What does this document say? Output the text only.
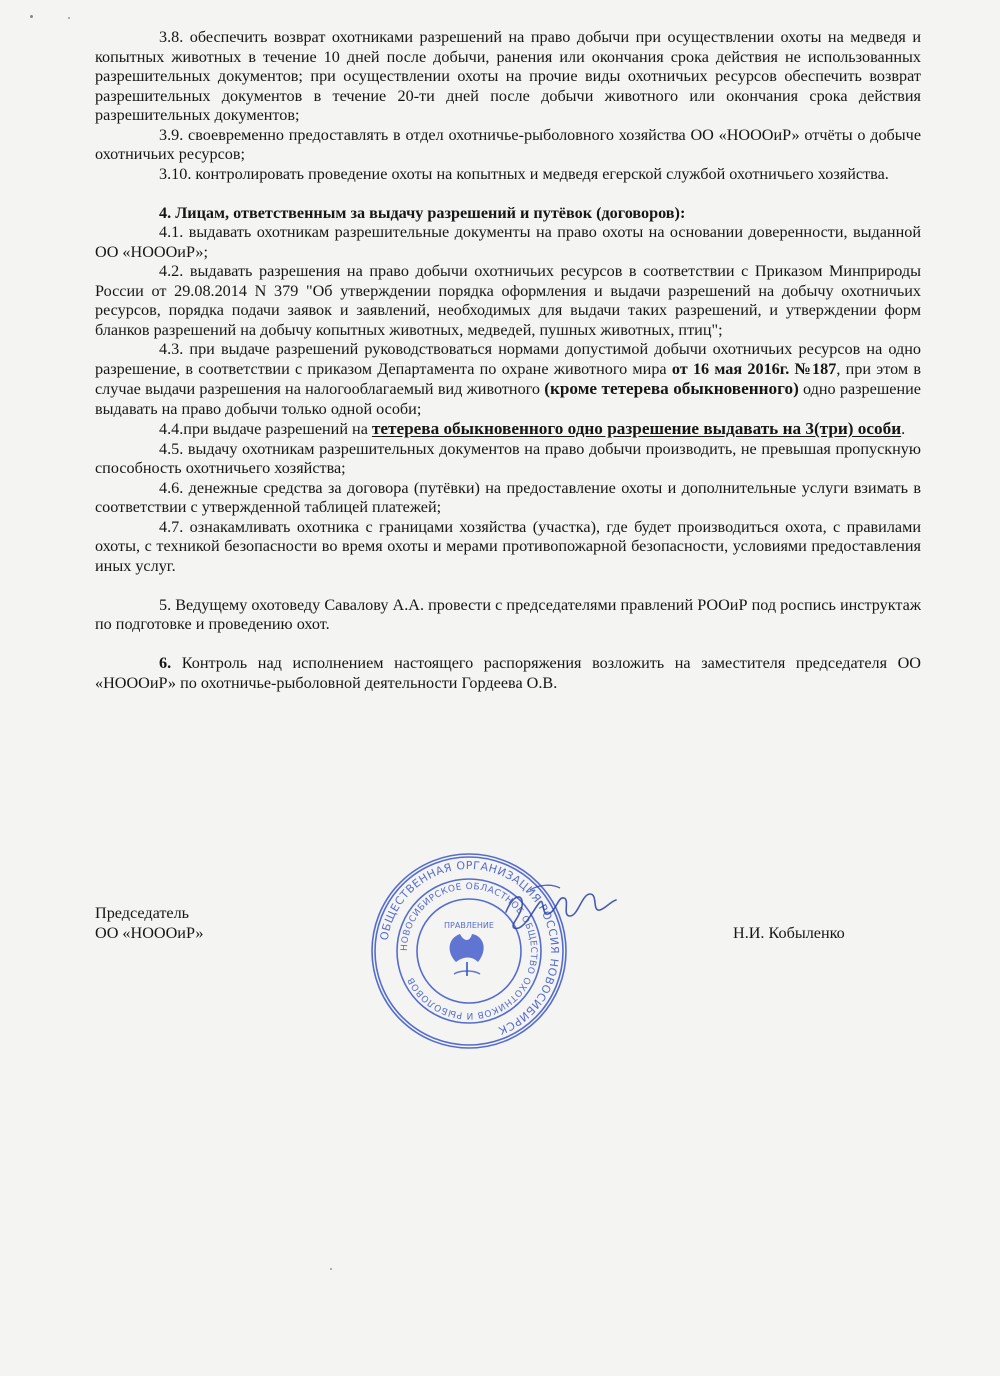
3.8. обеспечить возврат охотниками разрешений на право добычи при осуществлении охоты на медведя и копытных животных в течение 10 дней после добычи, ранения или окончания срока действия не использованных разрешительных документов; при осуществлении охоты на прочие виды охотничьих ресурсов обеспечить возврат разрешительных документов в течение 20-ти дней после добычи животного или окончания срока действия разрешительных документов;

3.9. своевременно предоставлять в отдел охотничье-рыболовного хозяйства ОО «НОООиР» отчёты о добыче охотничьих ресурсов;

3.10. контролировать проведение охоты на копытных и медведя егерской службой охотничьего хозяйства.

4. Лицам, ответственным за выдачу разрешений и путёвок (договоров):

4.1. выдавать охотникам разрешительные документы на право охоты на основании доверенности, выданной ОО «НОООиР»;

4.2. выдавать разрешения на право добычи охотничьих ресурсов в соответствии с Приказом Минприроды России от 29.08.2014 N 379 "Об утверждении порядка оформления и выдачи разрешений на добычу охотничьих ресурсов, порядка подачи заявок и заявлений, необходимых для выдачи таких разрешений, и утверждении форм бланков разрешений на добычу копытных животных, медведей, пушных животных, птиц";

4.3. при выдаче разрешений руководствоваться нормами допустимой добычи охотничьих ресурсов на одно разрешение, в соответствии с приказом Департамента по охране животного мира от 16 мая 2016г. №187, при этом в случае выдачи разрешения на налогооблагаемый вид животного (кроме тетерева обыкновенного) одно разрешение выдавать на право добычи только одной особи;

4.4.при выдаче разрешений на тетерева обыкновенного одно разрешение выдавать на 3(три) особи.

4.5. выдачу охотникам разрешительных документов на право добычи производить, не превышая пропускную способность охотничьего хозяйства;

4.6. денежные средства за договора (путёвки) на предоставление охоты и дополнительные услуги взимать в соответствии с утвержденной таблицей платежей;

4.7. ознакамливать охотника с границами хозяйства (участка), где будет производиться охота, с правилами охоты, с техникой безопасности во время охоты и мерами противопожарной безопасности, условиями предоставления иных услуг.

5. Ведущему охотоведу Савалову А.А. провести с председателями правлений РООиР под роспись инструктаж по подготовке и проведению охот.

6. Контроль над исполнением настоящего распоряжения возложить на заместителя председателя ОО «НОООиР» по охотничье-рыболовной деятельности Гордеева О.В.

Председатель
ОО «НОООиР»	Н.И. Кобыленко
ОБЩЕСТВЕННАЯ ОРГАНИЗАЦИЯ РОССИЯ НОВОСИБИРСК
НОВОСИБИРСКОЕ ОБЛАСТНОЕ ОБЩЕСТВО ОХОТНИКОВ И РЫБОЛОВОВ
ПРАВЛЕНИЕ
